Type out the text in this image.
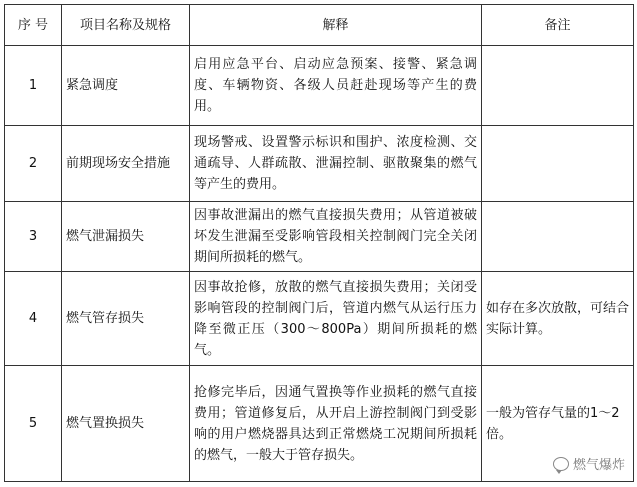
序 号	项目名称及规格	解释	备注
1	紧急调度	启用应急平台、启动应急预案、接警、紧急调度、车辆物资、各级人员赶赴现场等产生的费用。	
2	前期现场安全措施	现场警戒、设置警示标识和围护、浓度检测、交通疏导、人群疏散、泄漏控制、驱散聚集的燃气等产生的费用。	
3	燃气泄漏损失	因事故泄漏出的燃气直接损失费用；从管道被破坏发生泄漏至受影响管段相关控制阀门完全关闭期间所损耗的燃气。	
4	燃气管存损失	因事故抢修，放散的燃气直接损失费用；关闭受影响管段的控制阀门后，管道内燃气从运行压力降至微正压（300～800Pa）期间所损耗的燃气。	如存在多次放散，可结合实际计算。
5	燃气置换损失	抢修完毕后，因通气置换等作业损耗的燃气直接费用；管道修复后，从开启上游控制阀门到受影响的用户燃烧器具达到正常燃烧工况期间所损耗的燃气，一般大于管存损失。	一般为管存气量的1～2倍。
燃气爆炸
